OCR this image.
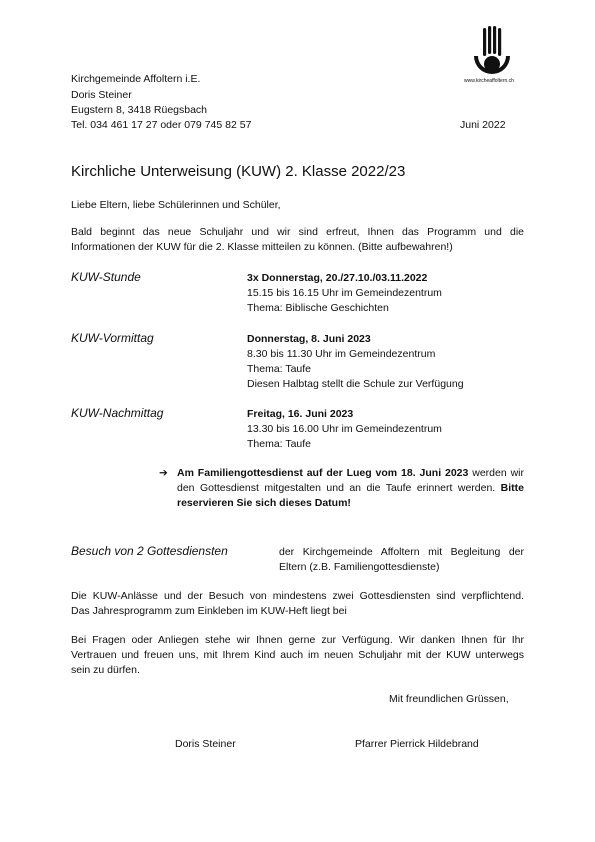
www.kircheaffoltern.ch
Kirchgemeinde Affoltern i.E.
Doris Steiner
Eugstern 8, 3418 Rüegsbach
Tel. 034 461 17 27 oder 079 745 82 57	Juni 2022
Kirchliche Unterweisung (KUW) 2. Klasse 2022/23
Liebe Eltern, liebe Schülerinnen und Schüler,
Bald beginnt das neue Schuljahr und wir sind erfreut, Ihnen das Programm und die
Informationen der KUW für die 2. Klasse mitteilen zu können. (Bitte aufbewahren!)
KUW-Stunde	3x Donnerstag, 20./27.10./03.11.2022
15.15 bis 16.15 Uhr im Gemeindezentrum
Thema: Biblische Geschichten
KUW-Vormittag	Donnerstag, 8. Juni 2023
8.30 bis 11.30 Uhr im Gemeindezentrum
Thema: Taufe
Diesen Halbtag stellt die Schule zur Verfügung
KUW-Nachmittag	Freitag, 16. Juni 2023
13.30 bis 16.00 Uhr im Gemeindezentrum
Thema: Taufe
➔ Am Familiengottesdienst auf der Lueg vom 18. Juni 2023 werden wir
den Gottesdienst mitgestalten und an die Taufe erinnert werden. Bitte
reservieren Sie sich dieses Datum!
Besuch von 2 Gottesdiensten	der Kirchgemeinde Affoltern mit Begleitung der
Eltern (z.B. Familiengottesdienste)
Die KUW-Anlässe und der Besuch von mindestens zwei Gottesdiensten sind verpflichtend.
Das Jahresprogramm zum Einkleben im KUW-Heft liegt bei
Bei Fragen oder Anliegen stehe wir Ihnen gerne zur Verfügung. Wir danken Ihnen für Ihr
Vertrauen und freuen uns, mit Ihrem Kind auch im neuen Schuljahr mit der KUW unterwegs
sein zu dürfen.
Mit freundlichen Grüssen,
Doris Steiner	Pfarrer Pierrick Hildebrand
